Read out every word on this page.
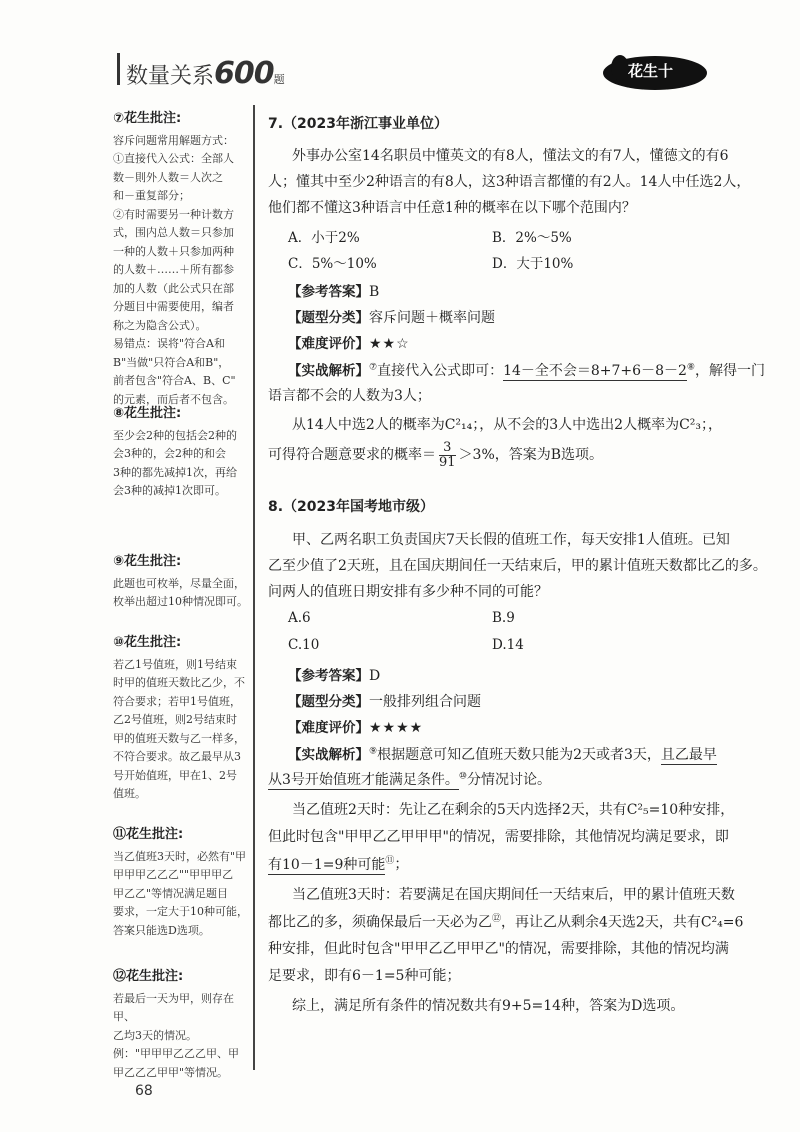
数量关系600题	花生十
⑦花生批注:
容斥问题常用解题方式：
①直接代入公式：全部人
数－則外人数＝人次之
和－重复部分；
②有时需要另一种计数方
式，围内总人数＝只参加
一种的人数＋只参加两种
的人数＋……＋所有都参
加的人数（此公式只在部
分题目中需要使用，编者
称之为隐含公式）。
易错点：误将"符合A和
B"当做"只符合A和B"，
前者包含"符合A、B、C"
的元素，而后者不包含。
⑧花生批注:
至少会2种的包括会2种的
会3种的，会2种的和会
3种的都先减掉1次，再给
会3种的减掉1次即可。
⑨花生批注:
此题也可枚举，尽量全面，
枚举出超过10种情况即可。
⑩花生批注:
若乙1号值班，则1号结束
时甲的值班天数比乙少，不
符合要求；若甲1号值班，
乙2号值班，则2号结束时
甲的值班天数与乙一样多，
不符合要求。故乙最早从3
号开始值班，甲在1、2号
值班。
⑪花生批注:
当乙值班3天时，必然有"甲
甲甲甲乙乙乙""甲甲甲乙
甲乙乙"等情况满足题目
要求，一定大于10种可能，
答案只能选D选项。
⑫花生批注:
若最后一天为甲，则存在甲、
乙均3天的情况。
例："甲甲甲乙乙乙甲、甲
甲乙乙乙甲甲"等情况。
68
7.（2023年浙江事业单位）
外事办公室14名职员中懂英文的有8人，懂法文的有7人，懂德文的有6
人；懂其中至少2种语言的有8人，这3种语言都懂的有2人。14人中任选2人，
他们都不懂这3种语言中任意1种的概率在以下哪个范围内？
A．小于2%	B．2%～5%
C．5%～10%	D．大于10%
【参考答案】B
【题型分类】容斥问题＋概率问题
【难度评价】★★☆
【实战解析】⑦直接代入公式即可：14－全不会＝8+7+6－8－2⑧，解得一门
语言都不会的人数为3人；
从14人中选2人的概率为C²₁₄；，从不会的3人中选出2人概率为C²₃；，
可得符合题意要求的概率＝ $\frac{3}{91} >3\%$，答案为B选项。
8.（2023年国考地市级）
甲、乙两名职工负责国庆7天长假的值班工作，每天安排1人值班。已知
乙至少值了2天班，且在国庆期间任一天结束后，甲的累计值班天数都比乙的多。
问两人的值班日期安排有多少种不同的可能？
A.6	B.9
C.10	D.14
【参考答案】D
【题型分类】一般排列组合问题
【难度评价】★★★★
【实战解析】⑨根据题意可知乙值班天数只能为2天或者3天，且乙最早
从3号开始值班才能满足条件。⑩分情况讨论。
当乙值班2天时：先让乙在剩余的5天内选择2天，共有C²₅=10种安排，
但此时包含"甲甲乙乙甲甲甲"的情况，需要排除，其他情况均满足要求，即
有10－1=9种可能⑪；
当乙值班3天时：若要满足在国庆期间任一天结束后，甲的累计值班天数
都比乙的多，须确保最后一天必为乙⑫，再让乙从剩余4天选2天，共有C²₄=6
种安排，但此时包含"甲甲乙乙甲甲乙"的情况，需要排除，其他的情况均满
足要求，即有6－1=5种可能；
综上，满足所有条件的情况数共有9+5=14种，答案为D选项。
